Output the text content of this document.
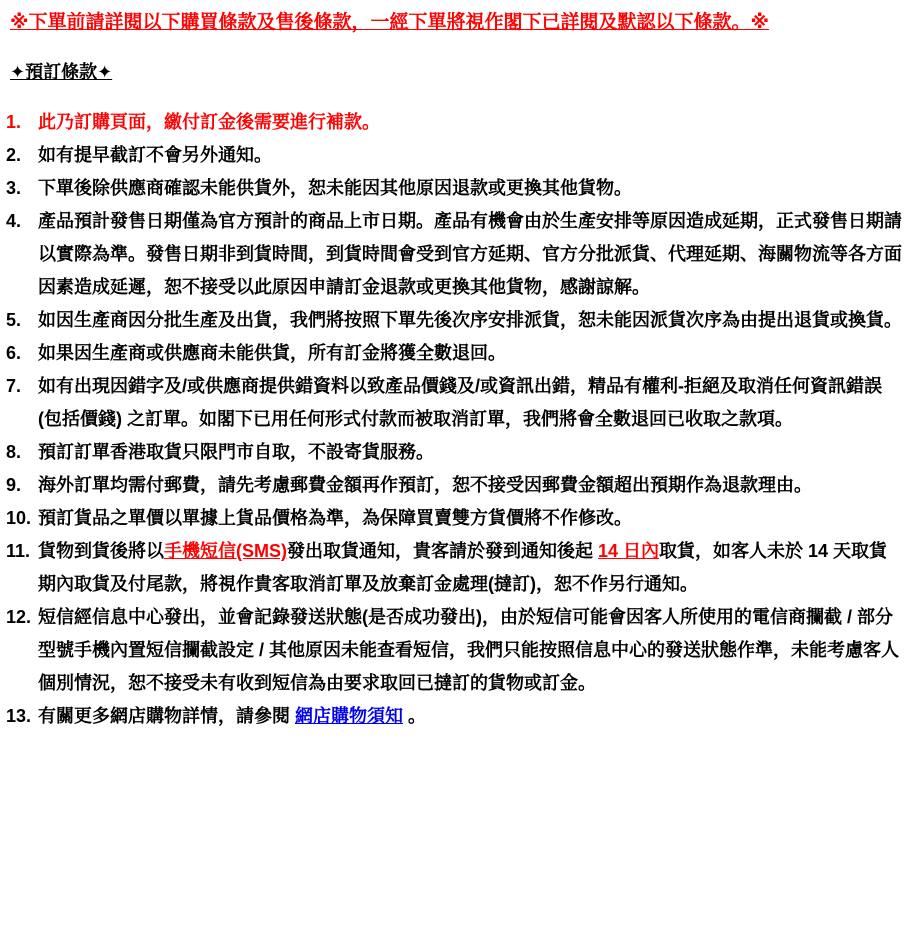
※下單前請詳閱以下購買條款及售後條款，一經下單將視作閣下已詳閱及默認以下條款。※
✦預訂條款✦
1. 此乃訂購頁面，繳付訂金後需要進行補款。
2. 如有提早截訂不會另外通知。
3. 下單後除供應商確認未能供貨外，恕未能因其他原因退款或更換其他貨物。
4. 產品預計發售日期僅為官方預計的商品上市日期。產品有機會由於生產安排等原因造成延期，正式發售日期請以實際為準。發售日期非到貨時間，到貨時間會受到官方延期、官方分批派貨、代理延期、海關物流等各方面因素造成延遲，恕不接受以此原因申請訂金退款或更換其他貨物，感謝諒解。
5. 如因生產商因分批生產及出貨，我們將按照下單先後次序安排派貨，恕未能因派貨次序為由提出退貨或換貨。
6. 如果因生產商或供應商未能供貨，所有訂金將獲全數退回。
7. 如有出現因錯字及/或供應商提供錯資料以致產品價錢及/或資訊出錯，精品有權利-拒絕及取消任何資訊錯誤(包括價錢) 之訂單。如閣下已用任何形式付款而被取消訂單，我們將會全數退回已收取之款項。
8. 預訂訂單香港取貨只限門市自取，不設寄貨服務。
9. 海外訂單均需付郵費，請先考慮郵費金額再作預訂，恕不接受因郵費金額超出預期作為退款理由。
10. 預訂貨品之單價以單據上貨品價格為準，為保障買賣雙方貨價將不作修改。
11. 貨物到貨後將以手機短信(SMS)發出取貨通知，貴客請於發到通知後起 14 日內取貨，如客人未於 14 天取貨期內取貨及付尾款，將視作貴客取消訂單及放棄訂金處理(撻訂)，恕不作另行通知。
12. 短信經信息中心發出，並會記錄發送狀態(是否成功發出)，由於短信可能會因客人所使用的電信商攔截 / 部分型號手機內置短信攔截設定 / 其他原因未能查看短信，我們只能按照信息中心的發送狀態作準，未能考慮客人個別情況，恕不接受未有收到短信為由要求取回已撻訂的貨物或訂金。
13. 有關更多網店購物詳情，請參閱 網店購物須知 。
